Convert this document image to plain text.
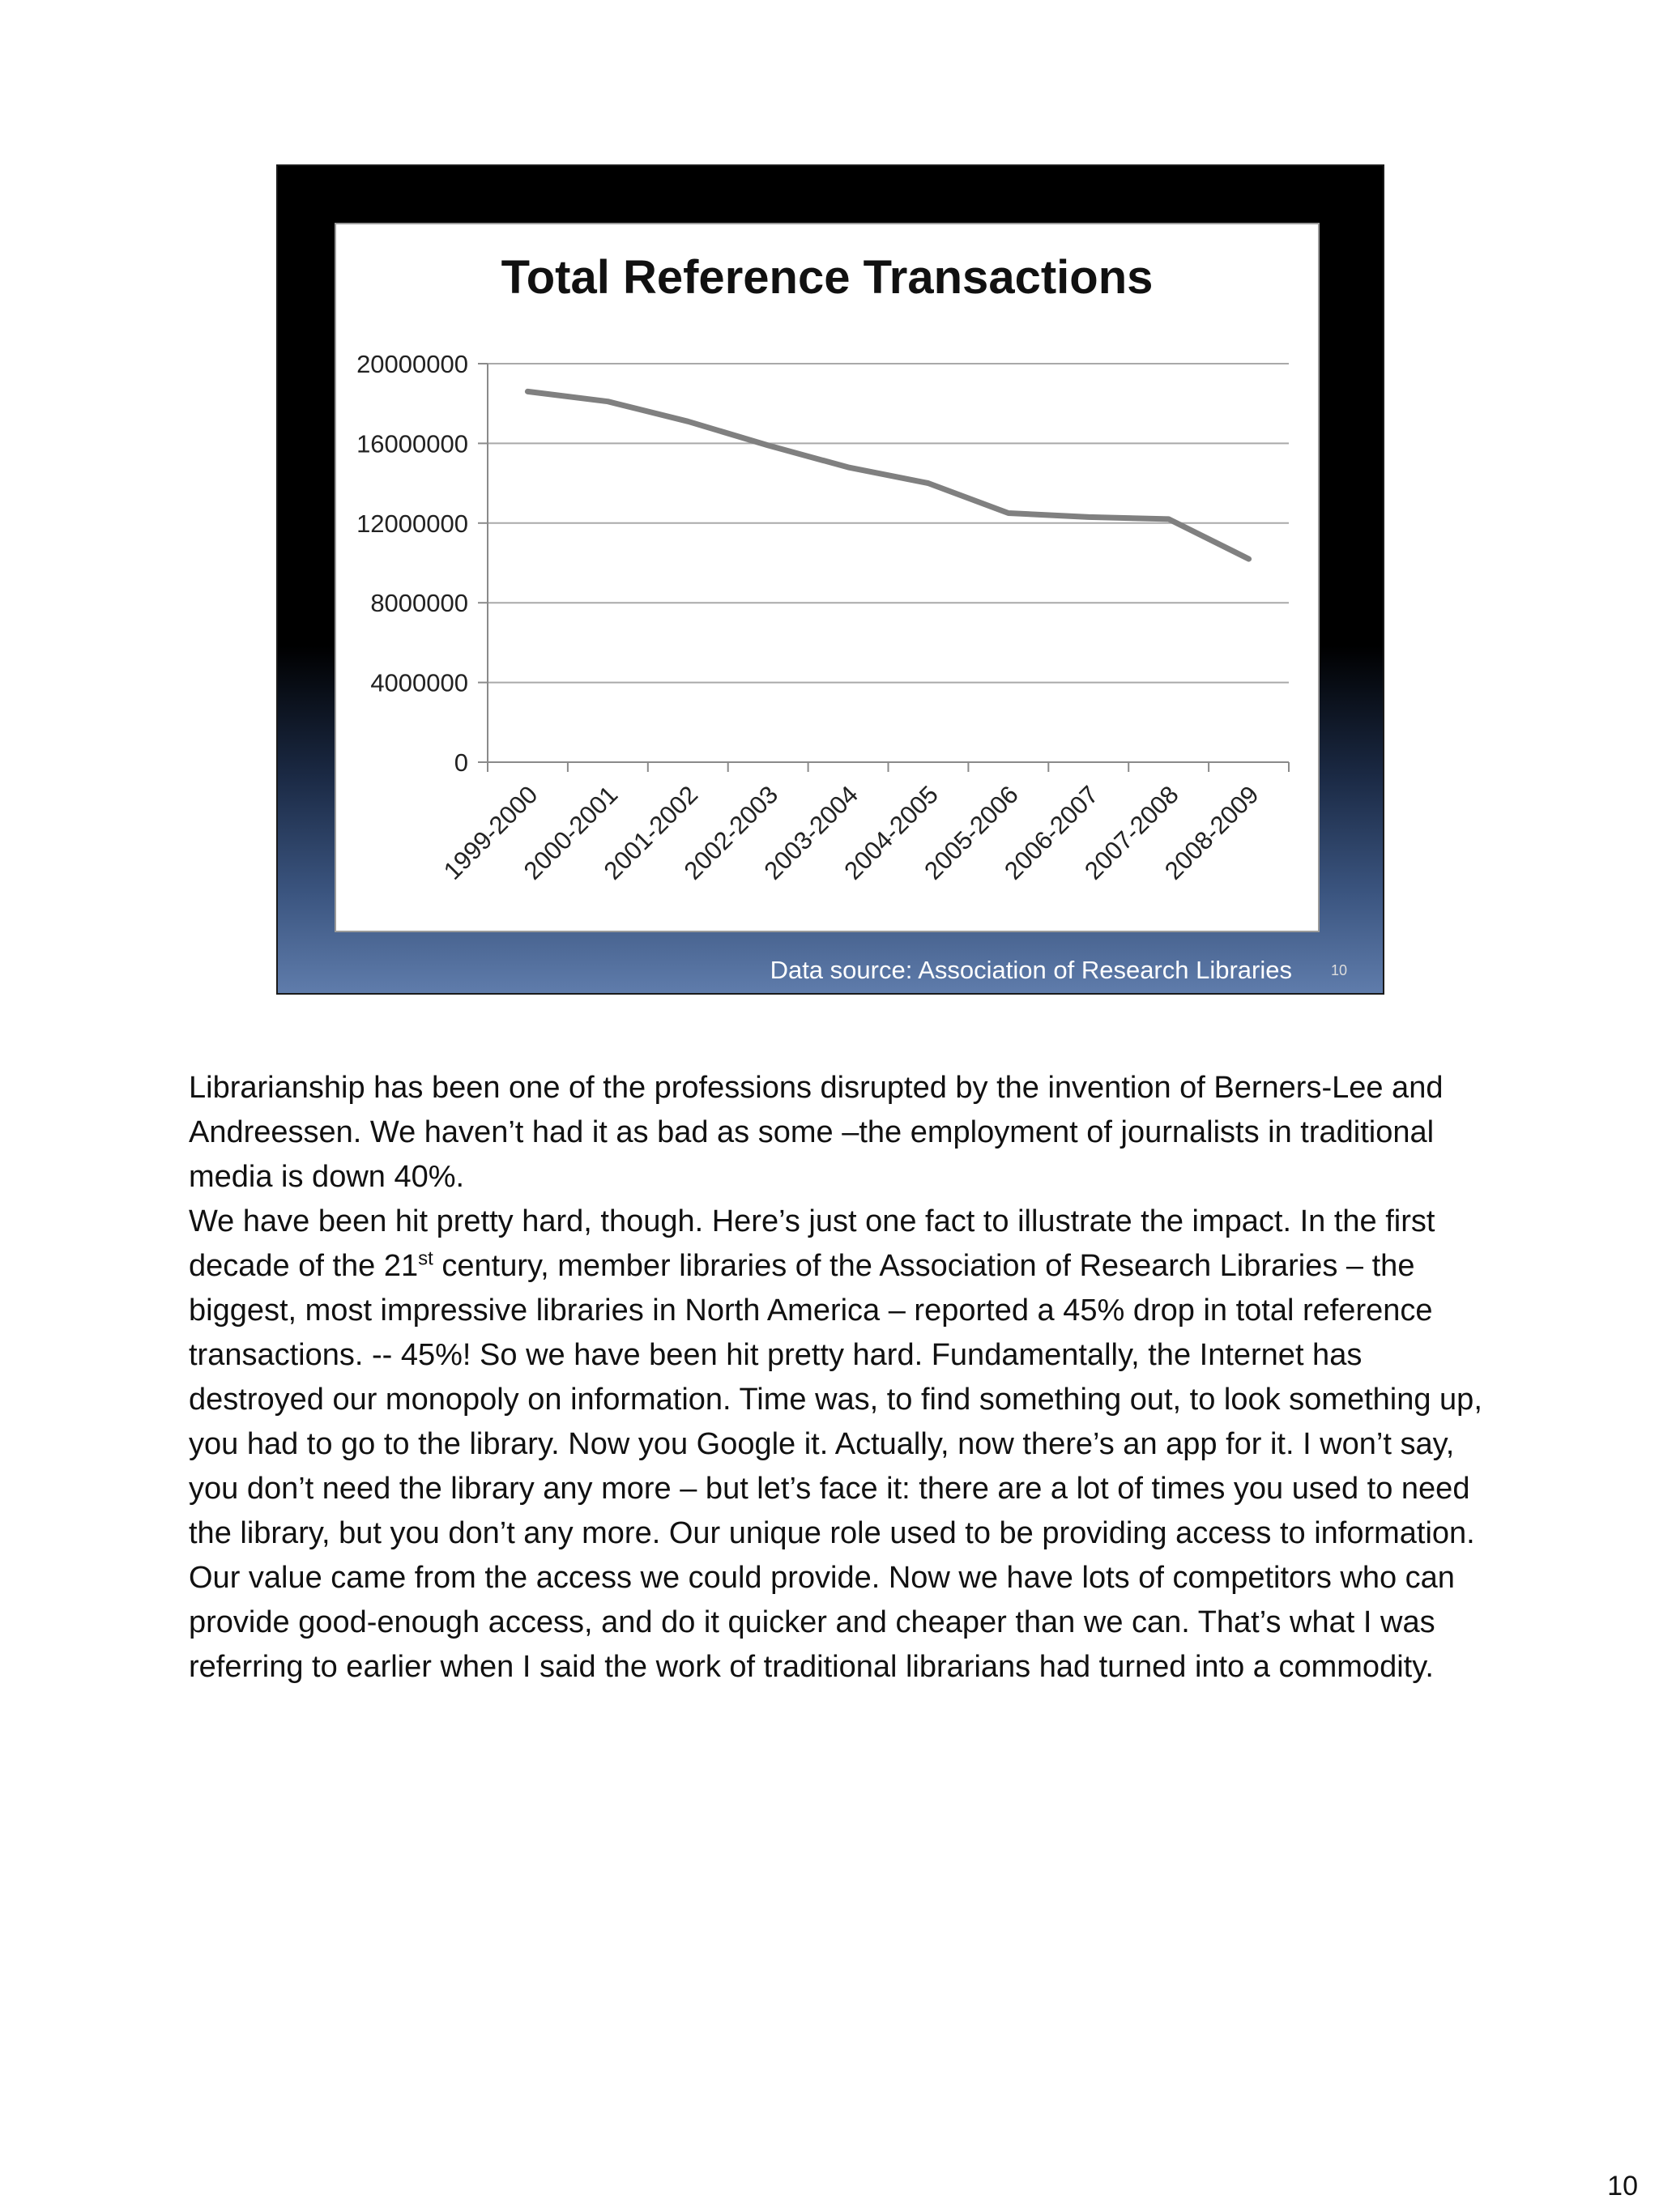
Total Reference Transactions
0
4000000
8000000
12000000
16000000
20000000
1999-2000
2000-2001
2001-2002
2002-2003
2003-2004
2004-2005
2005-2006
2006-2007
2007-2008
2008-2009
Data source: Association of Research Libraries	10

Librarianship has been one of the professions disrupted by the invention of Berners-Lee and Andreessen. We haven’t had it as bad as some –the employment of journalists in traditional media is down 40%.

We have been hit pretty hard, though. Here’s just one fact to illustrate the impact. In the first decade of the 21st century, member libraries of the Association of Research Libraries – the biggest, most impressive libraries in North America – reported a 45% drop in total reference transactions. -- 45%! So we have been hit pretty hard. Fundamentally, the Internet has destroyed our monopoly on information. Time was, to find something out, to look something up, you had to go to the library. Now you Google it. Actually, now there’s an app for it. I won’t say, you don’t need the library any more – but let’s face it: there are a lot of times you used to need the library, but you don’t any more. Our unique role used to be providing access to information. Our value came from the access we could provide. Now we have lots of competitors who can provide good-enough access, and do it quicker and cheaper than we can. That’s what I was referring to earlier when I said the work of traditional librarians had turned into a commodity.

10
